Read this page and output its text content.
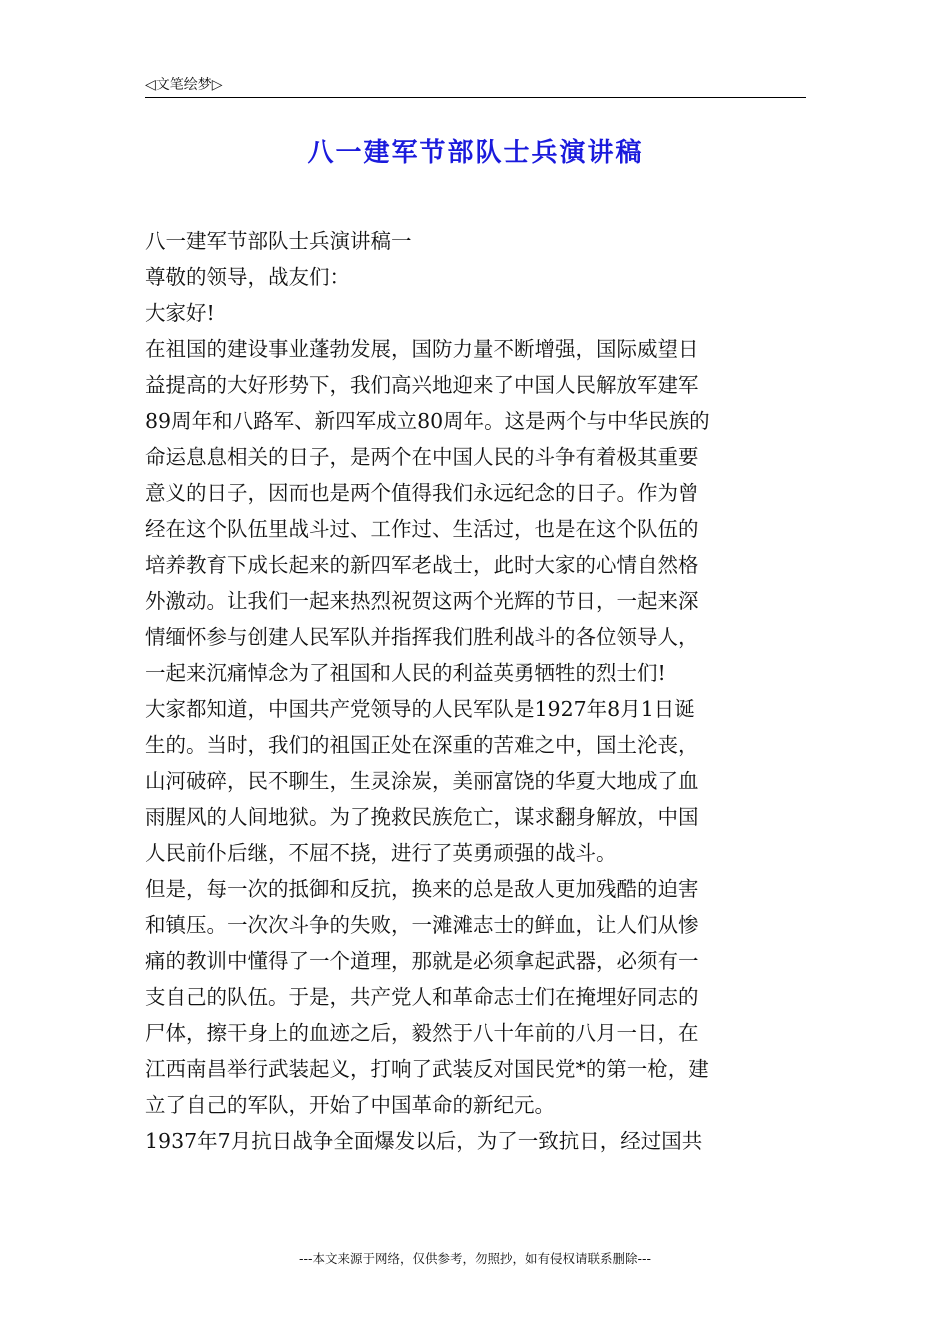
◁文笔绘梦▷
八一建军节部队士兵演讲稿
八一建军节部队士兵演讲稿一
尊敬的领导，战友们：
大家好!
在祖国的建设事业蓬勃发展，国防力量不断增强，国际威望日
益提高的大好形势下，我们高兴地迎来了中国人民解放军建军
89周年和八路军、新四军成立80周年。这是两个与中华民族的
命运息息相关的日子，是两个在中国人民的斗争有着极其重要
意义的日子，因而也是两个值得我们永远纪念的日子。作为曾
经在这个队伍里战斗过、工作过、生活过，也是在这个队伍的
培养教育下成长起来的新四军老战士，此时大家的心情自然格
外激动。让我们一起来热烈祝贺这两个光辉的节日，一起来深
情缅怀参与创建人民军队并指挥我们胜利战斗的各位领导人，
一起来沉痛悼念为了祖国和人民的利益英勇牺牲的烈士们!
大家都知道，中国共产党领导的人民军队是1927年8月1日诞
生的。当时，我们的祖国正处在深重的苦难之中，国土沦丧，
山河破碎，民不聊生，生灵涂炭，美丽富饶的华夏大地成了血
雨腥风的人间地狱。为了挽救民族危亡，谋求翻身解放，中国
人民前仆后继，不屈不挠，进行了英勇顽强的战斗。
但是，每一次的抵御和反抗，换来的总是敌人更加残酷的迫害
和镇压。一次次斗争的失败，一滩滩志士的鲜血，让人们从惨
痛的教训中懂得了一个道理，那就是必须拿起武器，必须有一
支自己的队伍。于是，共产党人和革命志士们在掩埋好同志的
尸体，擦干身上的血迹之后，毅然于八十年前的八月一日，在
江西南昌举行武装起义，打响了武装反对国民党*的第一枪，建
立了自己的军队，开始了中国革命的新纪元。
1937年7月抗日战争全面爆发以后，为了一致抗日，经过国共
---本文来源于网络，仅供参考，勿照抄，如有侵权请联系删除---
